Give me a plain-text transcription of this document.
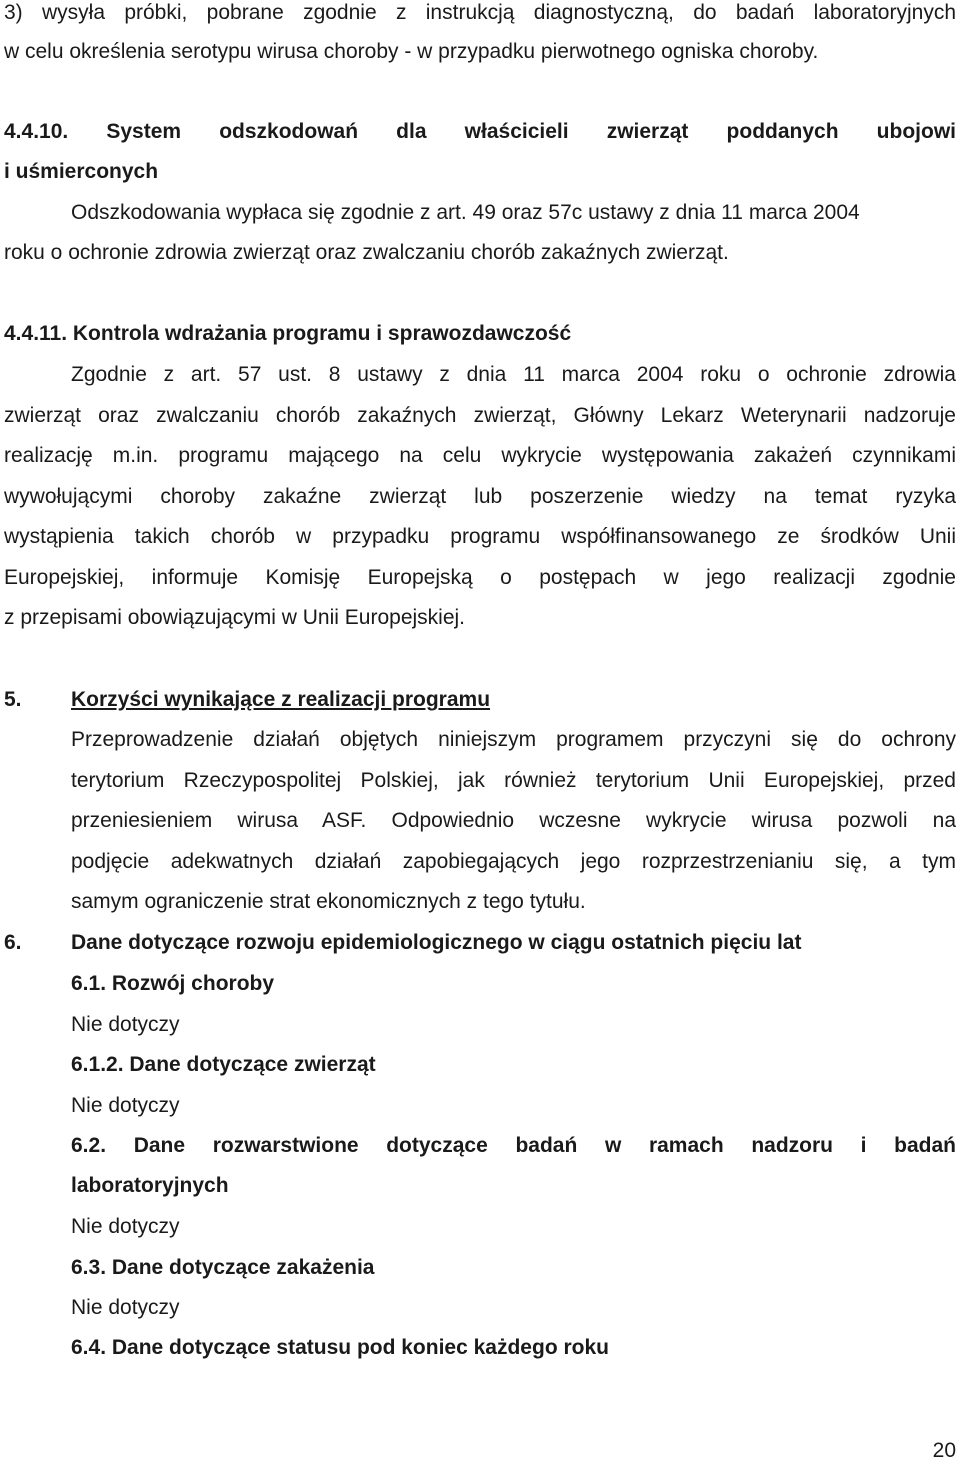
3) wysyła próbki, pobrane zgodnie z instrukcją diagnostyczną, do badań laboratoryjnych
w celu określenia serotypu wirusa choroby - w przypadku pierwotnego ogniska choroby.
4.4.10. System odszkodowań dla właścicieli zwierząt poddanych ubojowi
i uśmierconych
Odszkodowania wypłaca się zgodnie z art. 49 oraz 57c ustawy z dnia 11 marca 2004
roku o ochronie zdrowia zwierząt oraz zwalczaniu chorób zakaźnych zwierząt.
4.4.11. Kontrola wdrażania programu i sprawozdawczość
Zgodnie z art. 57 ust. 8 ustawy z dnia 11 marca 2004 roku o ochronie zdrowia
zwierząt oraz zwalczaniu chorób zakaźnych zwierząt, Główny Lekarz Weterynarii nadzoruje
realizację m.in. programu mającego na celu wykrycie występowania zakażeń czynnikami
wywołującymi choroby zakaźne zwierząt lub poszerzenie wiedzy na temat ryzyka
wystąpienia takich chorób w przypadku programu współfinansowanego ze środków Unii
Europejskiej, informuje Komisję Europejską o postępach w jego realizacji zgodnie
z przepisami obowiązującymi w Unii Europejskiej.
5. Korzyści wynikające z realizacji programu
Przeprowadzenie działań objętych niniejszym programem przyczyni się do ochrony
terytorium Rzeczypospolitej Polskiej, jak również terytorium Unii Europejskiej, przed
przeniesieniem wirusa ASF. Odpowiednio wczesne wykrycie wirusa pozwoli na
podjęcie adekwatnych działań zapobiegających jego rozprzestrzenianiu się, a tym
samym ograniczenie strat ekonomicznych z tego tytułu.
6. Dane dotyczące rozwoju epidemiologicznego w ciągu ostatnich pięciu lat
6.1. Rozwój choroby
Nie dotyczy
6.1.2. Dane dotyczące zwierząt
Nie dotyczy
6.2. Dane rozwarstwione dotyczące badań w ramach nadzoru i badań
laboratoryjnych
Nie dotyczy
6.3. Dane dotyczące zakażenia
Nie dotyczy
6.4. Dane dotyczące statusu pod koniec każdego roku
20
